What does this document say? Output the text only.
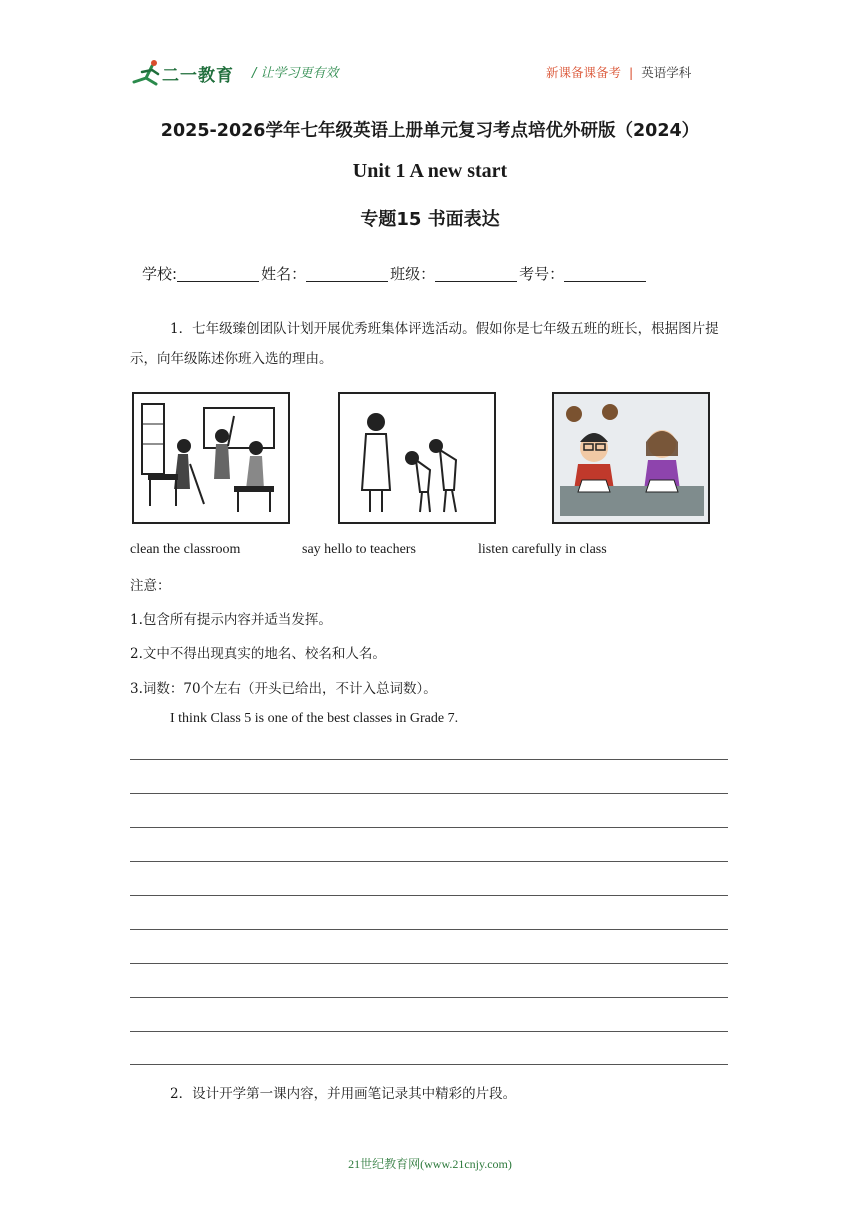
二一教育 / 让学习更有效	新课备课备考 | 英语学科
2025-2026学年七年级英语上册单元复习考点培优外研版（2024）
Unit 1 A new start
专题15 书面表达
学校:	姓名：	班级：	考号：
1．七年级臻创团队计划开展优秀班集体评选活动。假如你是七年级五班的班长，根据图片提示，向年级陈述你班入选的理由。
clean the classroom	say hello to teachers	listen carefully in class
注意：
1.包含所有提示内容并适当发挥。
2.文中不得出现真实的地名、校名和人名。
3.词数：70个左右（开头已给出，不计入总词数）。
I think Class 5 is one of the best classes in Grade 7.
2．设计开学第一课内容，并用画笔记录其中精彩的片段。
21世纪教育网(www.21cnjy.com)
